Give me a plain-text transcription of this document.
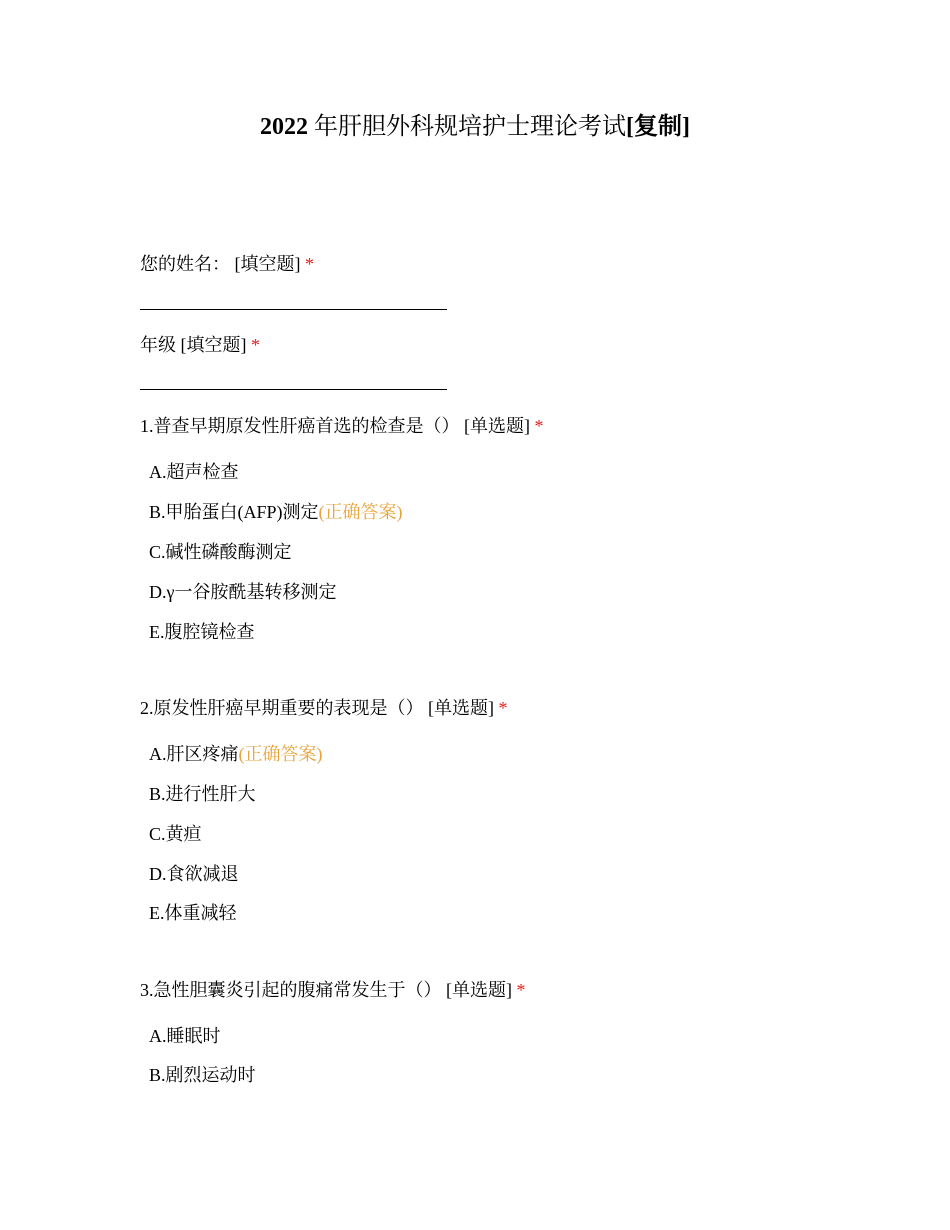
2022 年肝胆外科规培护士理论考试[复制]
您的姓名： [填空题] *
年级 [填空题] *
1.普查早期原发性肝癌首选的检查是（） [单选题] *
A.超声检查
B.甲胎蛋白(AFP)测定(正确答案)
C.碱性磷酸酶测定
D.γ一谷胺酰基转移测定
E.腹腔镜检查
2.原发性肝癌早期重要的表现是（） [单选题] *
A.肝区疼痛(正确答案)
B.进行性肝大
C.黄疸
D.食欲减退
E.体重减轻
3.急性胆囊炎引起的腹痛常发生于（） [单选题] *
A.睡眠时
B.剧烈运动时
